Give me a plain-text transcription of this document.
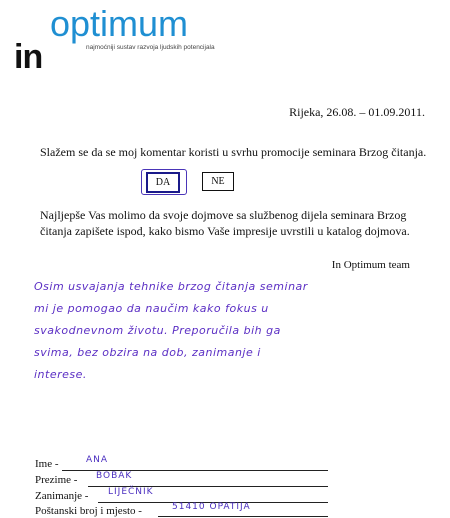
optimum
in	najmoćniji sustav razvoja ljudskih potencijala
Rijeka, 26.08. – 01.09.2011.
Slažem se da se moj komentar koristi u svrhu promocije seminara Brzog čitanja.
DA	NE
Najljepše Vas molimo da svoje dojmove sa službenog dijela seminara Brzog čitanja zapišete ispod, kako bismo Vaše impresije uvrstili u katalog dojmova.
In Optimum team
Osim usvajanja tehnike brzog čitanja seminar
mi je pomogao da naučim kako fokus u
svakodnevnom životu. Preporučila bih ga
svima, bez obzira na dob, zanimanje i
interese.
Ime -	ANA
Prezime - BOBAK
Zanimanje - LIJEČNIK
Poštanski broj i mjesto -	51410 OPATIJA
